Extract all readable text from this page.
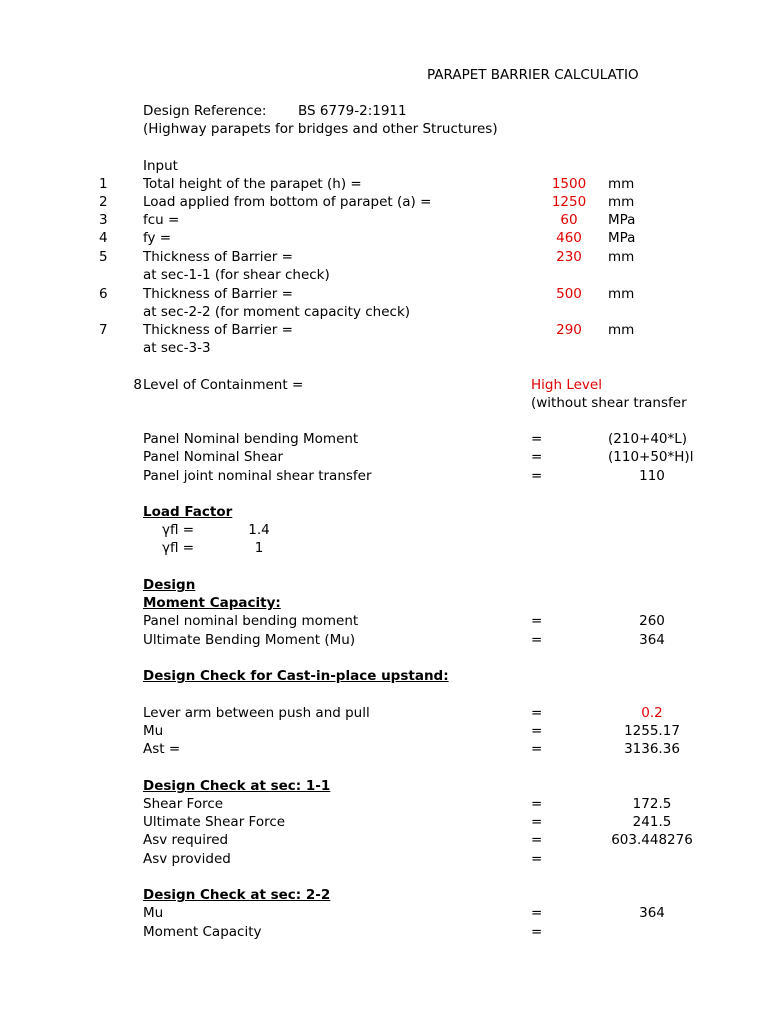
PARAPET BARRIER CALCULATIO
Design Reference: BS 6779-2:1911
(Highway parapets for bridges and other Structures)
Input
1	Total height of the parapet (h) =	1500	mm
2	Load applied from bottom of parapet (a) =	1250	mm
3	fcu =	60	MPa
4	fy =	460	MPa
5	Thickness of Barrier =	230	mm
at sec-1-1 (for shear check)
6	Thickness of Barrier =	500	mm
at sec-2-2 (for moment capacity check)
7	Thickness of Barrier =	290	mm
at sec-3-3
8 Level of Containment =	High Level
(without shear transfer
Panel Nominal bending Moment	=	(210+40*L)
Panel Nominal Shear	=	(110+50*H)l
Panel joint nominal shear transfer	=	110
Load Factor
γfl =	1.4
γfl =	1
Design
Moment Capacity:
Panel nominal bending moment	=	260
Ultimate Bending Moment (Mu)	=	364
Design Check for Cast-in-place upstand:
Lever arm between push and pull	=	0.2
Mu	=	1255.17
Ast =	=	3136.36
Design Check at sec: 1-1
Shear Force	=	172.5
Ultimate Shear Force	=	241.5
Asv required	=	603.448276
Asv provided	=
Design Check at sec: 2-2
Mu	=	364
Moment Capacity	=
